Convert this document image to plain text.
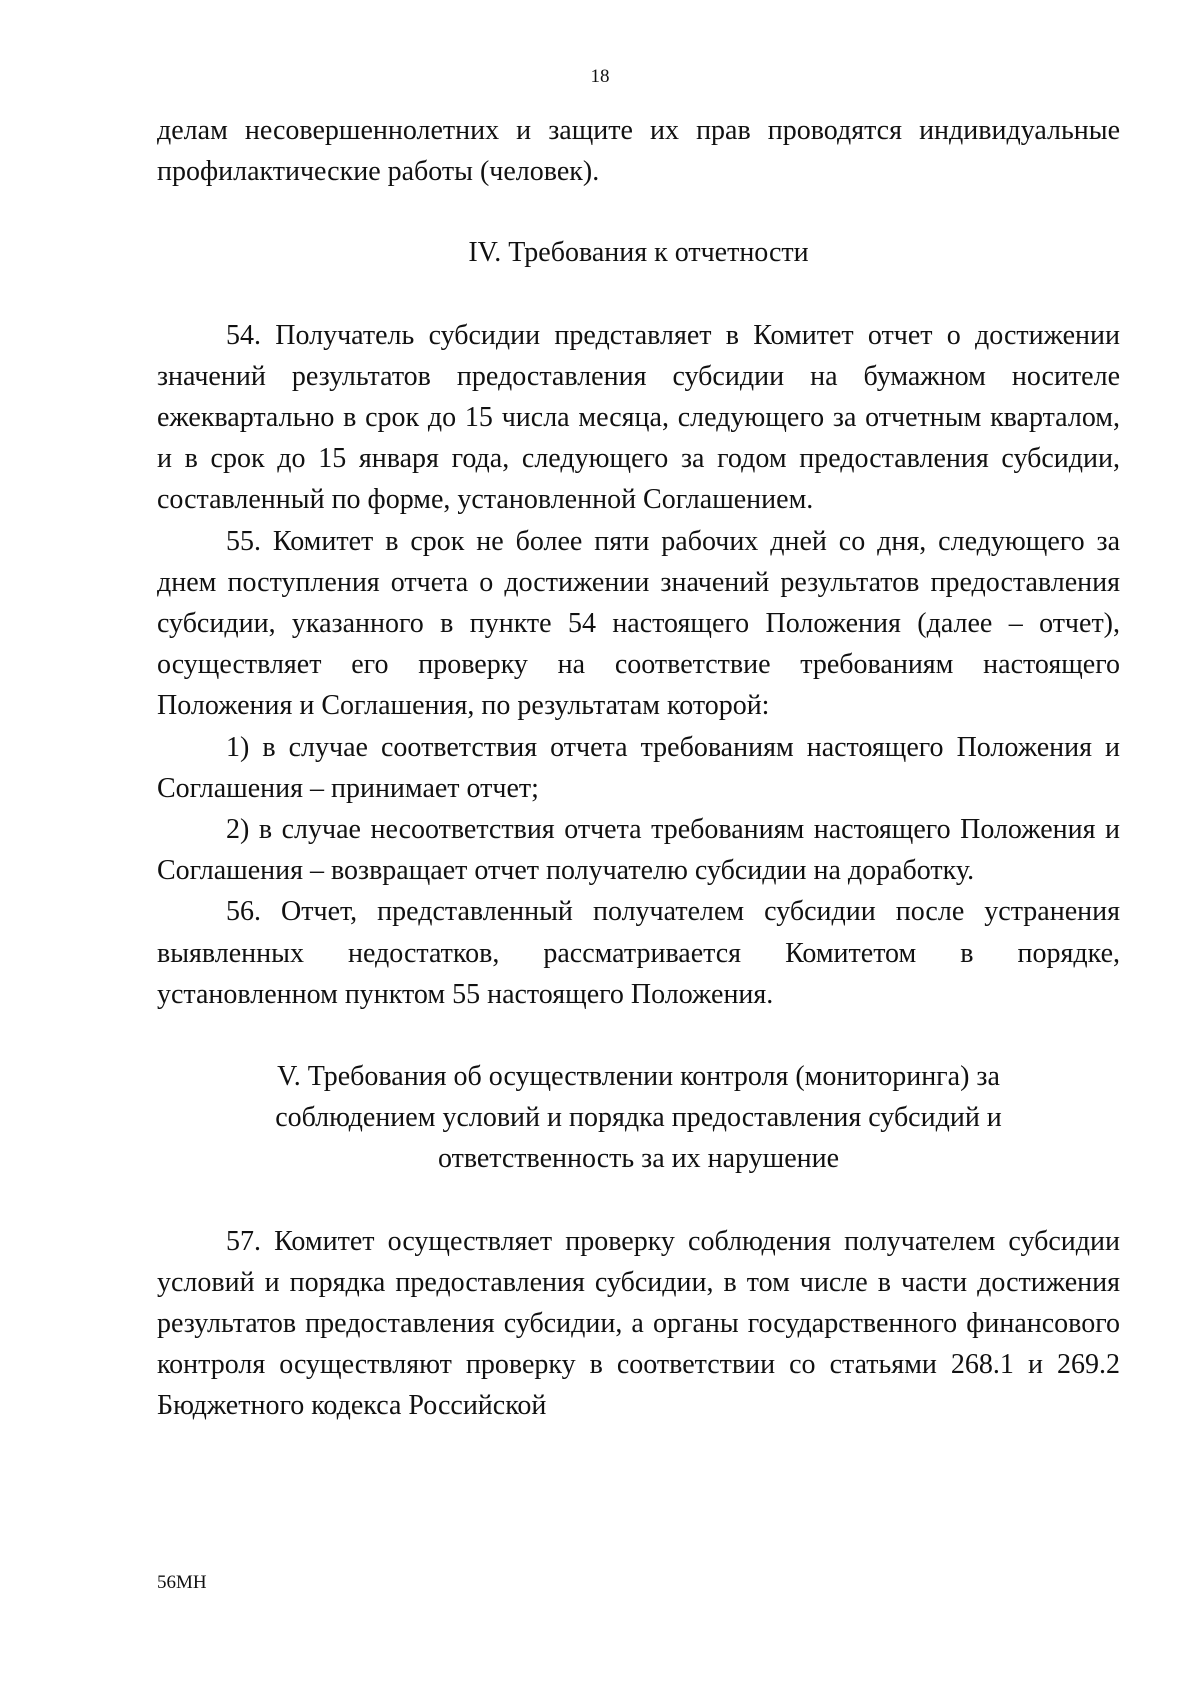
18

делам несовершеннолетних и защите их прав проводятся индивидуальные профилактические работы (человек).

IV. Требования к отчетности

54. Получатель субсидии представляет в Комитет отчет о достижении значений результатов предоставления субсидии на бумажном носителе ежеквартально в срок до 15 числа месяца, следующего за отчетным кварталом, и в срок до 15 января года, следующего за годом предоставления субсидии, составленный по форме, установленной Соглашением.

55. Комитет в срок не более пяти рабочих дней со дня, следующего за днем поступления отчета о достижении значений результатов предоставления субсидии, указанного в пункте 54 настоящего Положения (далее – отчет), осуществляет его проверку на соответствие требованиям настоящего Положения и Соглашения, по результатам которой:

1) в случае соответствия отчета требованиям настоящего Положения и Соглашения – принимает отчет;

2) в случае несоответствия отчета требованиям настоящего Положения и Соглашения – возвращает отчет получателю субсидии на доработку.

56. Отчет, представленный получателем субсидии после устранения выявленных недостатков, рассматривается Комитетом в порядке, установленном пунктом 55 настоящего Положения.

V. Требования об осуществлении контроля (мониторинга) за соблюдением условий и порядка предоставления субсидий и ответственность за их нарушение

57. Комитет осуществляет проверку соблюдения получателем субсидии условий и порядка предоставления субсидии, в том числе в части достижения результатов предоставления субсидии, а органы государственного финансового контроля осуществляют проверку в соответствии со статьями 268.1 и 269.2 Бюджетного кодекса Российской

56МН
